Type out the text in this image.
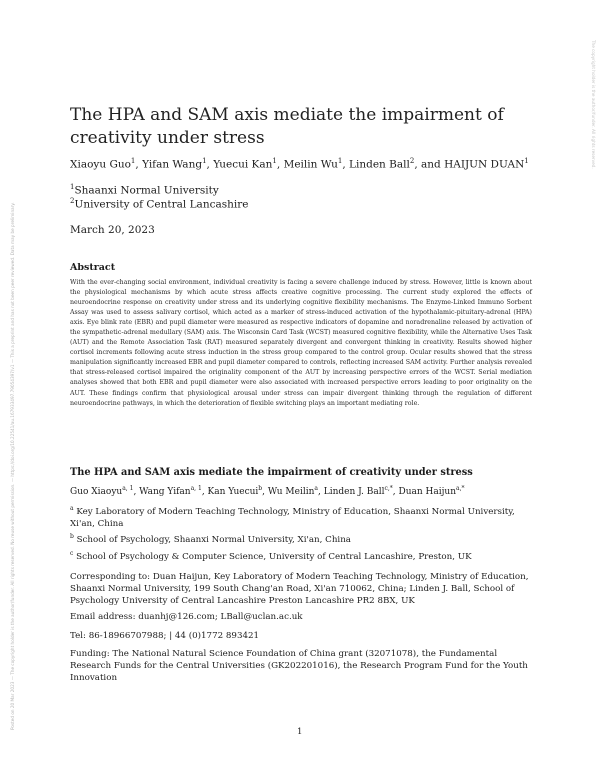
Posted on 20 Mar 2023 — The copyright holder is the author/funder. All rights reserved. No reuse without permission. — https://doi.org/10.22541/au.167933497.79054397/v1 — This a preprint and has not been peer reviewed. Data may be preliminary.
The copyright holder is the author/funder. All rights reserved.
The HPA and SAM axis mediate the impairment of creativity under stress
Xiaoyu Guo$^1$, Yifan Wang$^1$, Yuecui Kan$^1$, Meilin Wu$^1$, Linden Ball$^2$, and HAIJUN DUAN$^1$
$^1$Shaanxi Normal University
$^2$University of Central Lancashire
March 20, 2023
Abstract

With the ever-changing social environment, individual creativity is facing a severe challenge induced by stress. However, little is known about the physiological mechanisms by which acute stress affects creative cognitive processing. The current study explored the effects of neuroendocrine response on creativity under stress and its underlying cognitive flexibility mechanisms. The Enzyme-Linked Immuno Sorbent Assay was used to assess salivary cortisol, which acted as a marker of stress-induced activation of the hypothalamic-pituitary-adrenal (HPA) axis. Eye blink rate (EBR) and pupil diameter were measured as respective indicators of dopamine and noradrenaline released by activation of the sympathetic-adrenal medullary (SAM) axis. The Wisconsin Card Task (WCST) measured cognitive flexibility, while the Alternative Uses Task (AUT) and the Remote Association Task (RAT) measured separately divergent and convergent thinking in creativity. Results showed higher cortisol increments following acute stress induction in the stress group compared to the control group. Ocular results showed that the stress manipulation significantly increased EBR and pupil diameter compared to controls, reflecting increased SAM activity. Further analysis revealed that stress-released cortisol impaired the originality component of the AUT by increasing perspective errors of the WCST. Serial mediation analyses showed that both EBR and pupil diameter were also associated with increased perspective errors leading to poor originality on the AUT. These findings confirm that physiological arousal under stress can impair divergent thinking through the regulation of different neuroendocrine pathways, in which the deterioration of flexible switching plays an important mediating role.

The HPA and SAM axis mediate the impairment of creativity under stress
Guo Xiaoyu$^{a, 1}$, Wang Yifan$^{a, 1}$, Kan Yuecui$^b$, Wu Meilin$^a$, Linden J. Ball$^{c,*}$, Duan Haijun$^{a,*}$

$^a$ Key Laboratory of Modern Teaching Technology, Ministry of Education, Shaanxi Normal University, Xi'an, China

$^b$ School of Psychology, Shaanxi Normal University, Xi'an, China

$^c$ School of Psychology & Computer Science, University of Central Lancashire, Preston, UK

Corresponding to: Duan Haijun, Key Laboratory of Modern Teaching Technology, Ministry of Education, Shaanxi Normal University, 199 South Chang'an Road, Xi'an 710062, China; Linden J. Ball, School of Psychology University of Central Lancashire Preston Lancashire PR2 8BX, UK

Email address: duanhj@126.com; LBall@uclan.ac.uk

Tel: 86-18966707988; | 44 (0)1772 893421

Funding: The National Natural Science Foundation of China grant (32071078), the Fundamental Research Funds for the Central Universities (GK202201016), the Research Program Fund for the Youth Innovation

1
